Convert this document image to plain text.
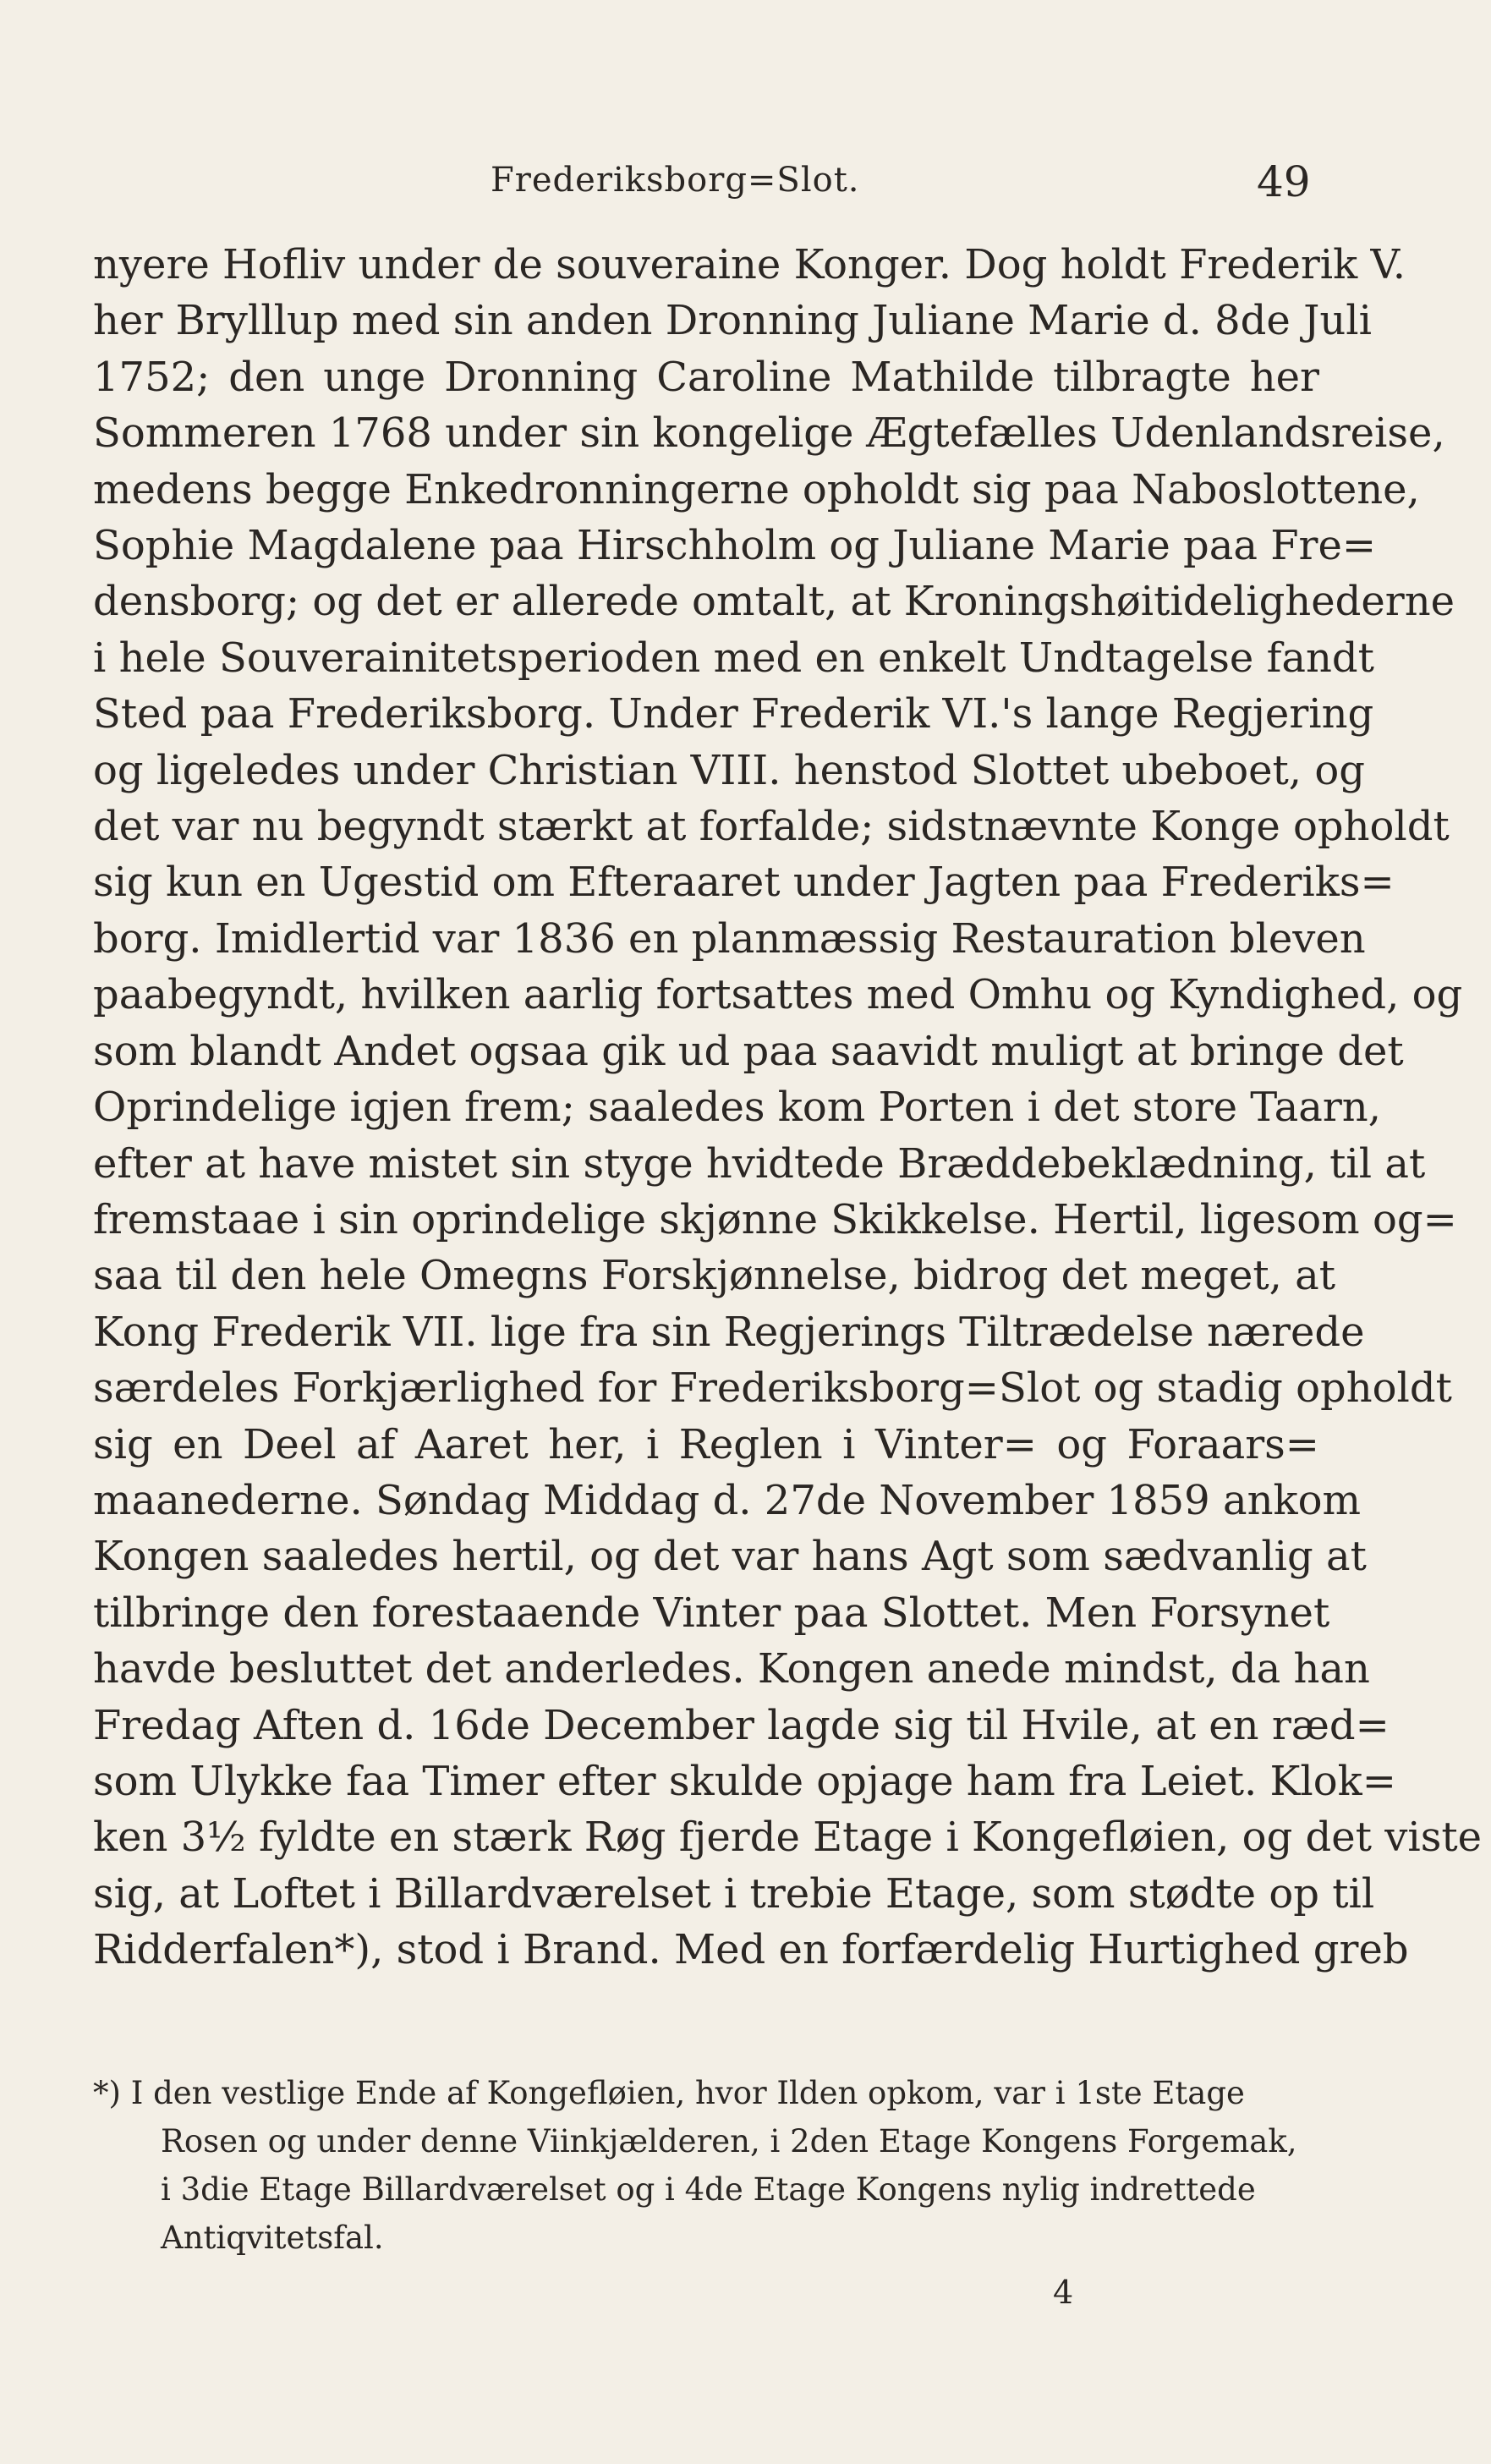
Frederiksborg=Slot.	49
nyere Hofliv under de souveraine Konger. Dog holdt Frederik V.
her Brylllup med sin anden Dronning Juliane Marie d. 8de Juli
1752; den unge Dronning Caroline Mathilde tilbragte her
Sommeren 1768 under sin kongelige Ægtefælles Udenlandsreise,
medens begge Enkedronningerne opholdt sig paa Naboslottene,
Sophie Magdalene paa Hirschholm og Juliane Marie paa Fre=
densborg; og det er allerede omtalt, at Kroningshøitidelighederne
i hele Souverainitetsperioden med en enkelt Undtagelse fandt
Sted paa Frederiksborg. Under Frederik VI.'s lange Regjering
og ligeledes under Christian VIII. henstod Slottet ubeboet, og
det var nu begyndt stærkt at forfalde; sidstnævnte Konge opholdt
sig kun en Ugestid om Efteraaret under Jagten paa Frederiks=
borg. Imidlertid var 1836 en planmæssig Restauration bleven
paabegyndt, hvilken aarlig fortsattes med Omhu og Kyndighed, og
som blandt Andet ogsaa gik ud paa saavidt muligt at bringe det
Oprindelige igjen frem; saaledes kom Porten i det store Taarn,
efter at have mistet sin styge hvidtede Bræddebeklædning, til at
fremstaae i sin oprindelige skjønne Skikkelse. Hertil, ligesom og=
saa til den hele Omegns Forskjønnelse, bidrog det meget, at
Kong Frederik VII. lige fra sin Regjerings Tiltrædelse nærede
særdeles Forkjærlighed for Frederiksborg=Slot og stadig opholdt
sig en Deel af Aaret her, i Reglen i Vinter= og Foraars=
maanederne. Søndag Middag d. 27de November 1859 ankom
Kongen saaledes hertil, og det var hans Agt som sædvanlig at
tilbringe den forestaaende Vinter paa Slottet. Men Forsynet
havde besluttet det anderledes. Kongen anede mindst, da han
Fredag Aften d. 16de December lagde sig til Hvile, at en ræd=
som Ulykke faa Timer efter skulde opjage ham fra Leiet. Klok=
ken 3½ fyldte en stærk Røg fjerde Etage i Kongefløien, og det viste
sig, at Loftet i Billardværelset i trebie Etage, som stødte op til
Ridderfalen*), stod i Brand. Med en forfærdelig Hurtighed greb
*) I den vestlige Ende af Kongefløien, hvor Ilden opkom, var i 1ste Etage
Rosen og under denne Viinkjælderen, i 2den Etage Kongens Forgemak,
i 3die Etage Billardværelset og i 4de Etage Kongens nylig indrettede
Antiqvitetsfal.
4
